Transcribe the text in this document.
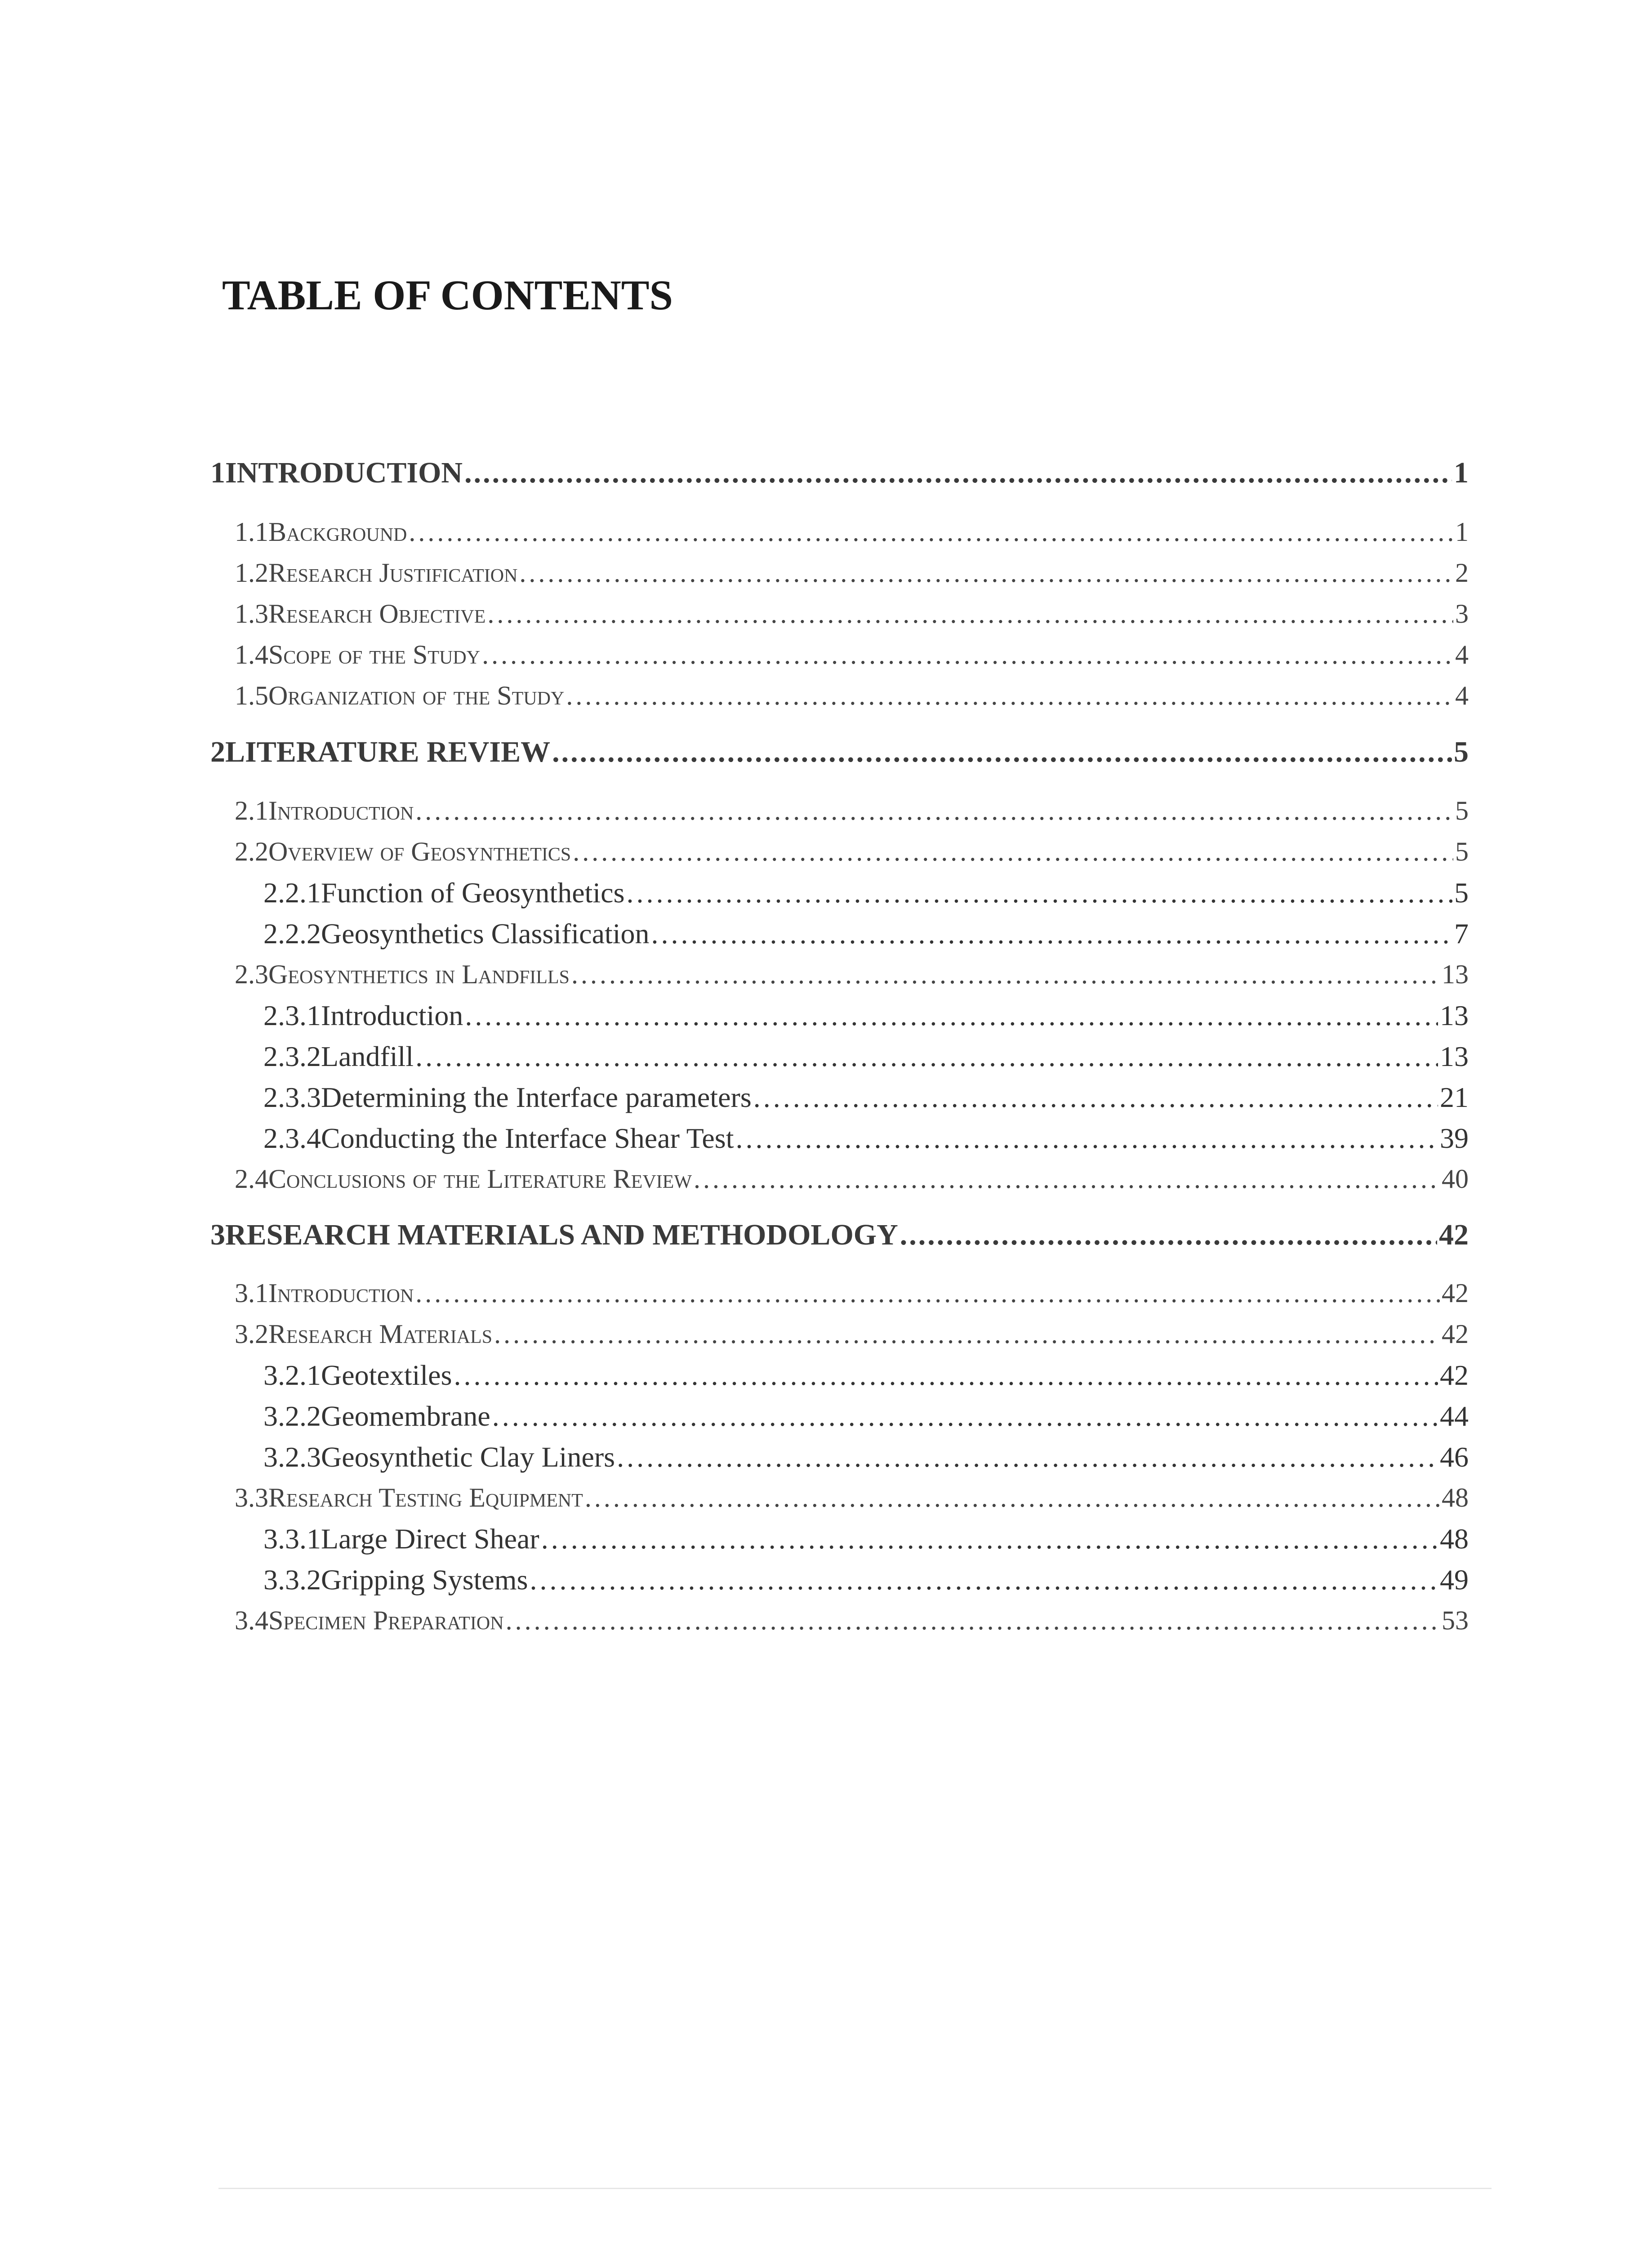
TABLE OF CONTENTS
1 INTRODUCTION .....	1
1.1 Background .....	1
1.2 Research Justification .....	2
1.3 Research Objective .....	3
1.4 Scope of the Study .....	4
1.5 Organization of the Study .....	4
2 LITERATURE REVIEW .....	5
2.1 Introduction .....	5
2.2 Overview of Geosynthetics .....	5
2.2.1 Function of Geosynthetics .....	5
2.2.2 Geosynthetics Classification .....	7
2.3 Geosynthetics in Landfills .....	13
2.3.1 Introduction .....	13
2.3.2 Landfill .....	13
2.3.3 Determining the Interface parameters .....	21
2.3.4 Conducting the Interface Shear Test .....	39
2.4 Conclusions of the Literature Review .....	40
3 RESEARCH MATERIALS AND METHODOLOGY .....	42
3.1 Introduction .....	42
3.2 Research Materials .....	42
3.2.1 Geotextiles .....	42
3.2.2 Geomembrane .....	44
3.2.3 Geosynthetic Clay Liners .....	46
3.3 Research Testing Equipment .....	48
3.3.1 Large Direct Shear .....	48
3.3.2 Gripping Systems .....	49
3.4 Specimen Preparation .....	53
